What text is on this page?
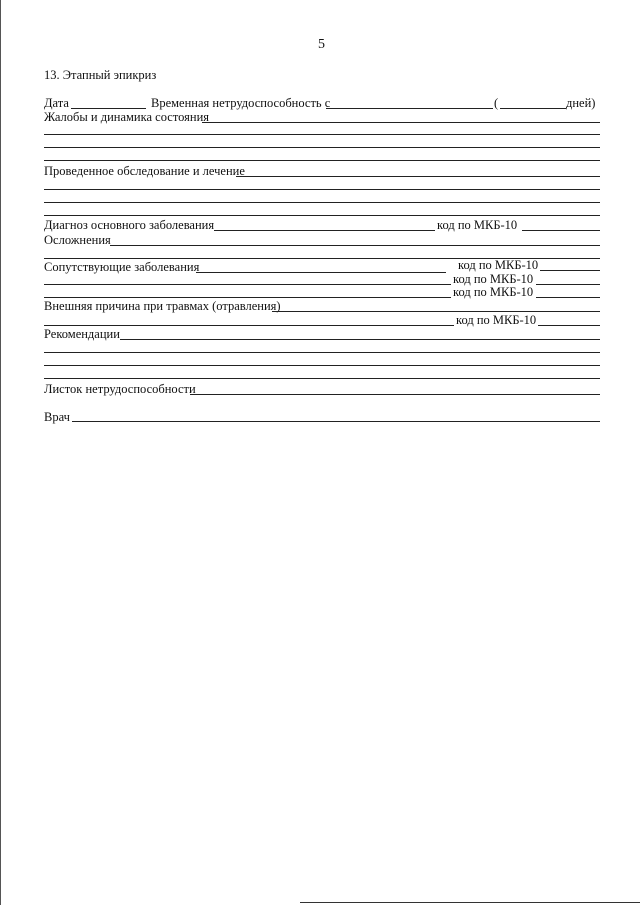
5
13. Этапный эпикриз
Дата	Временная нетрудоспособность с	(	дней)
Жалобы и динамика состояния
Проведенное обследование и лечение
Диагноз основного заболевания	код по МКБ-10
Осложнения
Сопутствующие заболевания	код по МКБ-10
код по МКБ-10
код по МКБ-10
Внешняя причина при травмах (отравления)
код по МКБ-10
Рекомендации
Листок нетрудоспособности
Врач
